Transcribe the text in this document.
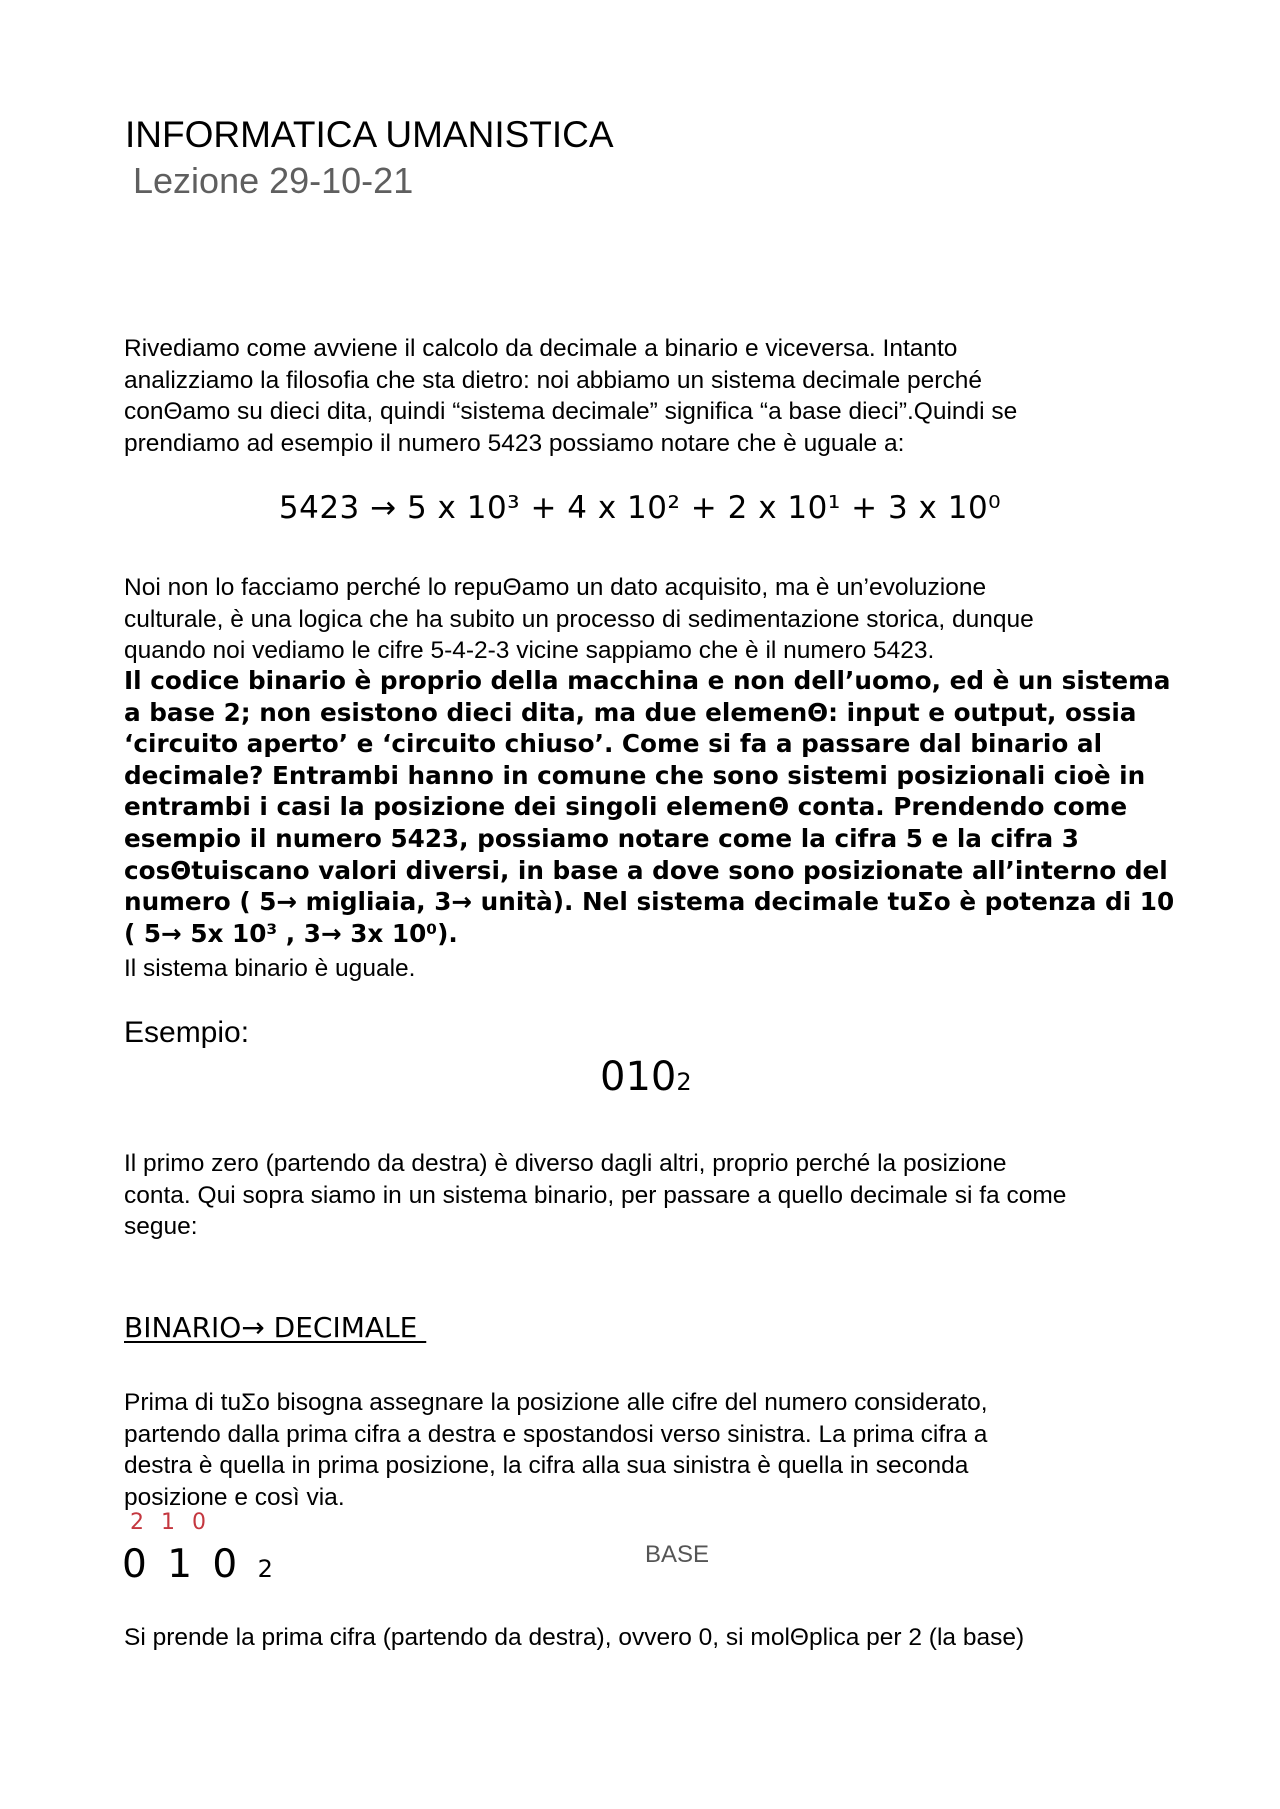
INFORMATICA UMANISTICA
Lezione 29-10-21

Rivediamo come avviene il calcolo da decimale a binario e viceversa. Intanto

analizziamo la filosofia che sta dietro: noi abbiamo un sistema decimale perché

conΘamo su dieci dita, quindi “sistema decimale” significa “a base dieci”.Quindi se

prendiamo ad esempio il numero 5423 possiamo notare che è uguale a:

5423 → 5 x 10³ + 4 x 10² + 2 x 10¹ + 3 x 10⁰

Noi non lo facciamo perché lo repuΘamo un dato acquisito, ma è un’evoluzione

culturale, è una logica che ha subito un processo di sedimentazione storica, dunque

quando noi vediamo le cifre 5-4-2-3 vicine sappiamo che è il numero 5423.

Il codice binario è proprio della macchina e non dell’uomo, ed è un sistema

a base 2; non esistono dieci dita, ma due elemenΘ: input e output, ossia

‘circuito aperto’ e ‘circuito chiuso’. Come si fa a passare dal binario al

decimale? Entrambi hanno in comune che sono sistemi posizionali cioè in

entrambi i casi la posizione dei singoli elemenΘ conta. Prendendo come

esempio il numero 5423, possiamo notare come la cifra 5 e la cifra 3

cosΘtuiscano valori diversi, in base a dove sono posizionate all’interno del

numero ( 5→ migliaia, 3→ unità). Nel sistema decimale tuΣo è potenza di 10

( 5→ 5x 10³ , 3→ 3x 10⁰).

Il sistema binario è uguale.
Esempio:
0102

Il primo zero (partendo da destra) è diverso dagli altri, proprio perché la posizione

conta. Qui sopra siamo in un sistema binario, per passare a quello decimale si fa come

segue:

BINARIO→ DECIMALE

Prima di tuΣo bisogna assegnare la posizione alle cifre del numero considerato,

partendo dalla prima cifra a destra e spostandosi verso sinistra. La prima cifra a

destra è quella in prima posizione, la cifra alla sua sinistra è quella in seconda

posizione e così via.

2 1 0
0 1 0 2
BASE
Si prende la prima cifra (partendo da destra), ovvero 0, si molΘplica per 2 (la base)
